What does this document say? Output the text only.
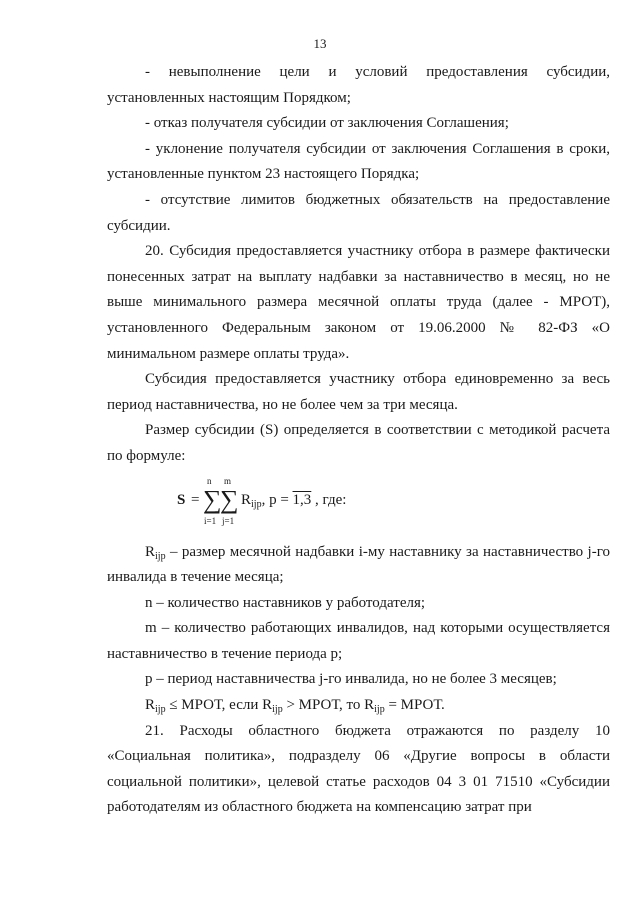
13

- невыполнение цели и условий предоставления субсидии, установленных настоящим Порядком;

- отказ получателя субсидии от заключения Соглашения;

- уклонение получателя субсидии от заключения Соглашения в сроки, установленные пунктом 23 настоящего Порядка;

- отсутствие лимитов бюджетных обязательств на предоставление субсидии.

20. Субсидия предоставляется участнику отбора в размере фактически понесенных затрат на выплату надбавки за наставничество в месяц, но не выше минимального размера месячной оплаты труда (далее - МРОТ), установленного Федеральным законом от 19.06.2000 № 82-ФЗ «О минимальном размере оплаты труда».

Субсидия предоставляется участнику отбора единовременно за весь период наставничества, но не более чем за три месяца.

Размер субсидии (S) определяется в соответствии с методикой расчета по формуле:

n m
S = ∑
∑
i=1 j=1
$R_{ijp}$, р = 1,3 , где:

$R_{ijp}$ – размер месячной надбавки i-му наставнику за наставничество j-го инвалида в течение месяца;

n – количество наставников у работодателя;

m – количество работающих инвалидов, над которыми осуществляется наставничество в течение периода р;

р – период наставничества j-го инвалида, но не более 3 месяцев;

$R_{ijp}$ ≤ МРОТ, если $R_{ijp}$ > МРОТ, то $R_{ijp}$ = МРОТ.

21. Расходы областного бюджета отражаются по разделу 10 «Социальная политика», подразделу 06 «Другие вопросы в области социальной политики», целевой статье расходов 04 3 01 71510 «Субсидии работодателям из областного бюджета на компенсацию затрат при
